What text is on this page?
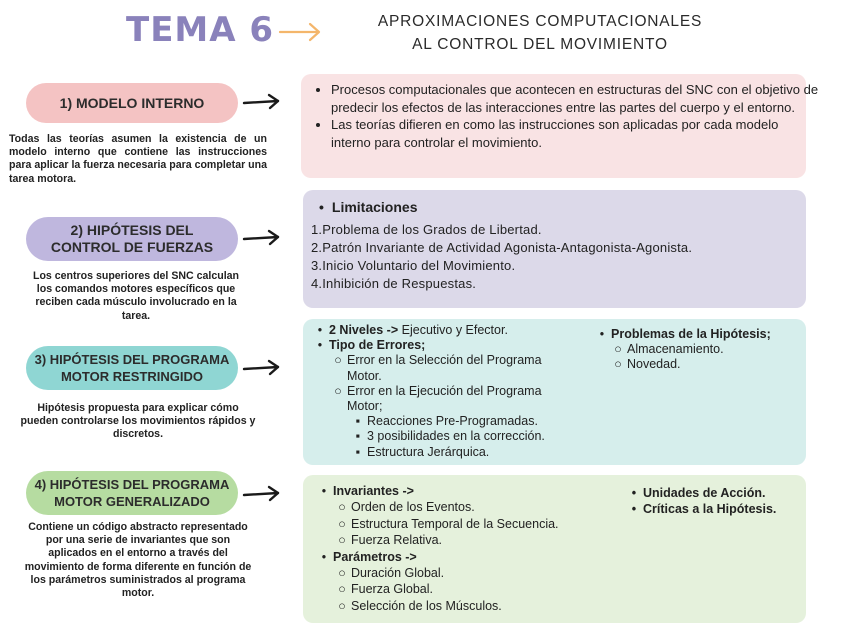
TEMA 6	APROXIMACIONES COMPUTACIONALES
AL CONTROL DEL MOVIMIENTO
1) MODELO INTERNO
Todas las teorías asumen la existencia de un modelo interno que contiene las instrucciones para aplicar la fuerza necesaria para completar una tarea motora.
• Procesos computacionales que acontecen en estructuras del SNC con el objetivo de predecir los efectos de las interacciones entre las partes del cuerpo y el entorno.
• Las teorías difieren en como las instrucciones son aplicadas por cada modelo interno para controlar el movimiento.
2) HIPÓTESIS DEL
CONTROL DE FUERZAS
Los centros superiores del SNC calculan los comandos motores específicos que reciben cada músculo involucrado en la tarea.
• Limitaciones
1.Problema de los Grados de Libertad.
2.Patrón Invariante de Actividad Agonista-Antagonista-Agonista.
3.Inicio Voluntario del Movimiento.
4.Inhibición de Respuestas.
3) HIPÓTESIS DEL PROGRAMA
MOTOR RESTRINGIDO
Hipótesis propuesta para explicar cómo pueden controlarse los movimientos rápidos y discretos.
• 2 Niveles -> Ejecutivo y Efector.
• Tipo de Errores;
○ Error en la Selección del Programa
Motor.
○ Error en la Ejecución del Programa
Motor;
▪ Reacciones Pre-Programadas.
▪ 3 posibilidades en la corrección.
▪ Estructura Jerárquica.
• Problemas de la Hipótesis;
○ Almacenamiento.
○ Novedad.
4) HIPÓTESIS DEL PROGRAMA
MOTOR GENERALIZADO
Contiene un código abstracto representado por una serie de invariantes que son aplicados en el entorno a través del movimiento de forma diferente en función de los parámetros suministrados al programa motor.
• Invariantes ->
○ Orden de los Eventos.
○ Estructura Temporal de la Secuencia.
○ Fuerza Relativa.
• Parámetros ->
○ Duración Global.
○ Fuerza Global.
○ Selección de los Músculos.
• Unidades de Acción.
• Críticas a la Hipótesis.
